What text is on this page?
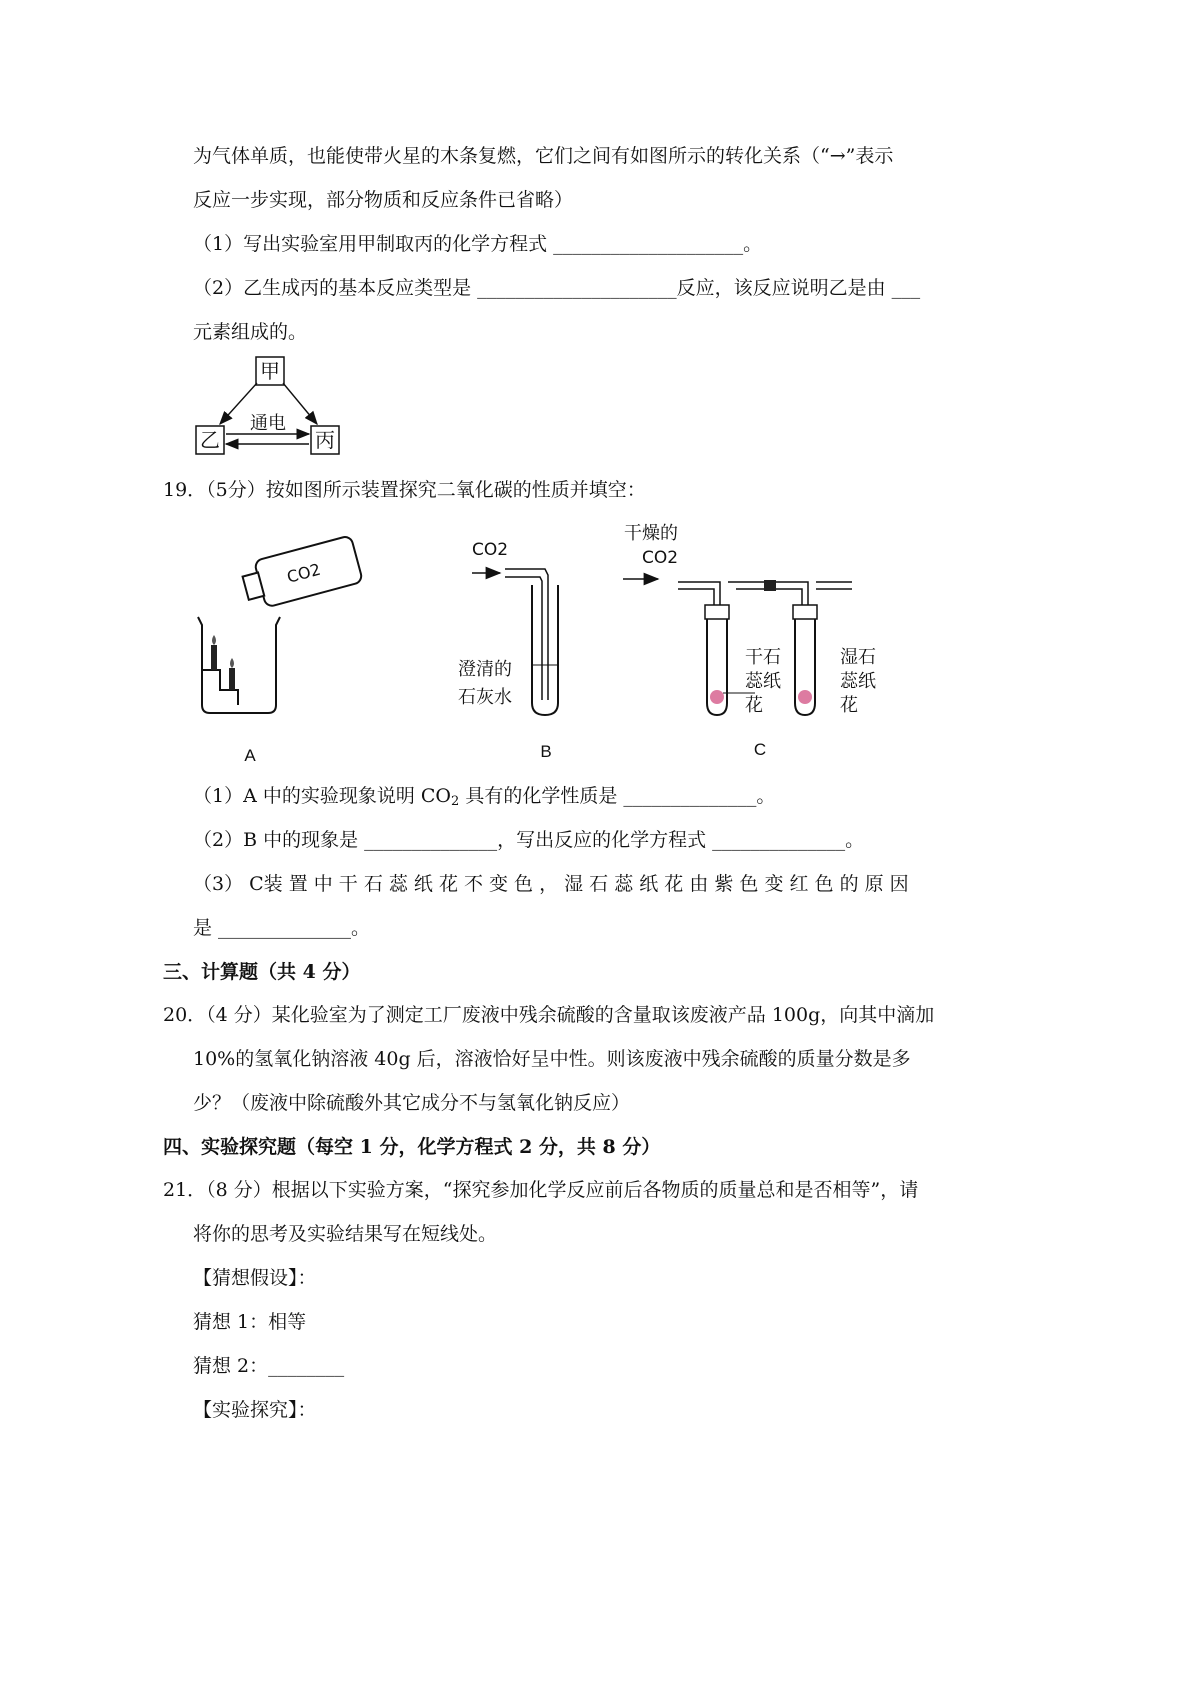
为气体单质，也能使带火星的木条复燃，它们之间有如图所示的转化关系（“→”表示
反应一步实现，部分物质和反应条件已省略）
（1）写出实验室用甲制取丙的化学方程式 ____________________。
（2）乙生成丙的基本反应类型是 _____________________反应，该反应说明乙是由 ___
元素组成的。
甲
乙	丙
通电
19．（5分）按如图所示装置探究二氧化碳的性质并填空：
CO2
CO2
澄清的
石灰水
干燥的
CO2
干石
蕊纸
花
湿石
蕊纸
花
A	B	C
（1）A 中的实验现象说明 $CO_2$ 具有的化学性质是 ______________。
（2）B 中的现象是 ______________，写出反应的化学方程式 ______________。
（3） C装 置 中 干 石 蕊 纸 花 不 变 色 ， 湿 石 蕊 纸 花 由 紫 色 变 红 色 的 原 因
是 ______________。
三、计算题（共 4 分）
20．（4 分）某化验室为了测定工厂废液中残余硫酸的含量取该废液产品 100g，向其中滴加
10%的氢氧化钠溶液 40g 后，溶液恰好呈中性。则该废液中残余硫酸的质量分数是多
少？（废液中除硫酸外其它成分不与氢氧化钠反应）
四、实验探究题（每空 1 分，化学方程式 2 分，共 8 分）
21．（8 分）根据以下实验方案，“探究参加化学反应前后各物质的质量总和是否相等”，请
将你的思考及实验结果写在短线处。
【猜想假设】：
猜想 1：相等
猜想 2：________
【实验探究】：
